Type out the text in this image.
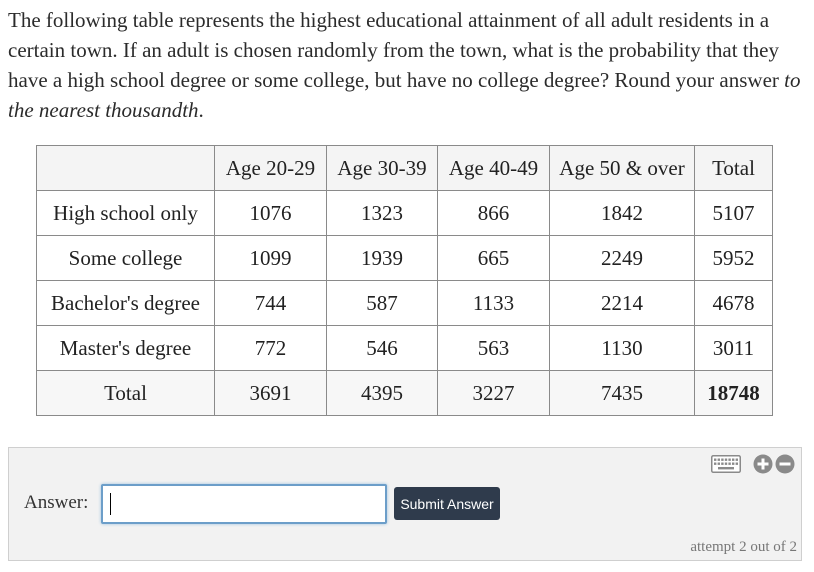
The following table represents the highest educational attainment of all adult residents in a certain town. If an adult is chosen randomly from the town, what is the probability that they have a high school degree or some college, but have no college degree? Round your answer to the nearest thousandth.

	Age 20-29	Age 30-39	Age 40-49	Age 50 & over	Total
High school only	1076	1323	866	1842	5107
Some college	1099	1939	665	2249	5952
Bachelor's degree	744	587	1133	2214	4678
Master's degree	772	546	563	1130	3011
Total	3691	4395	3227	7435	18748
Answer:	Submit Answer
attempt 2 out of 2
